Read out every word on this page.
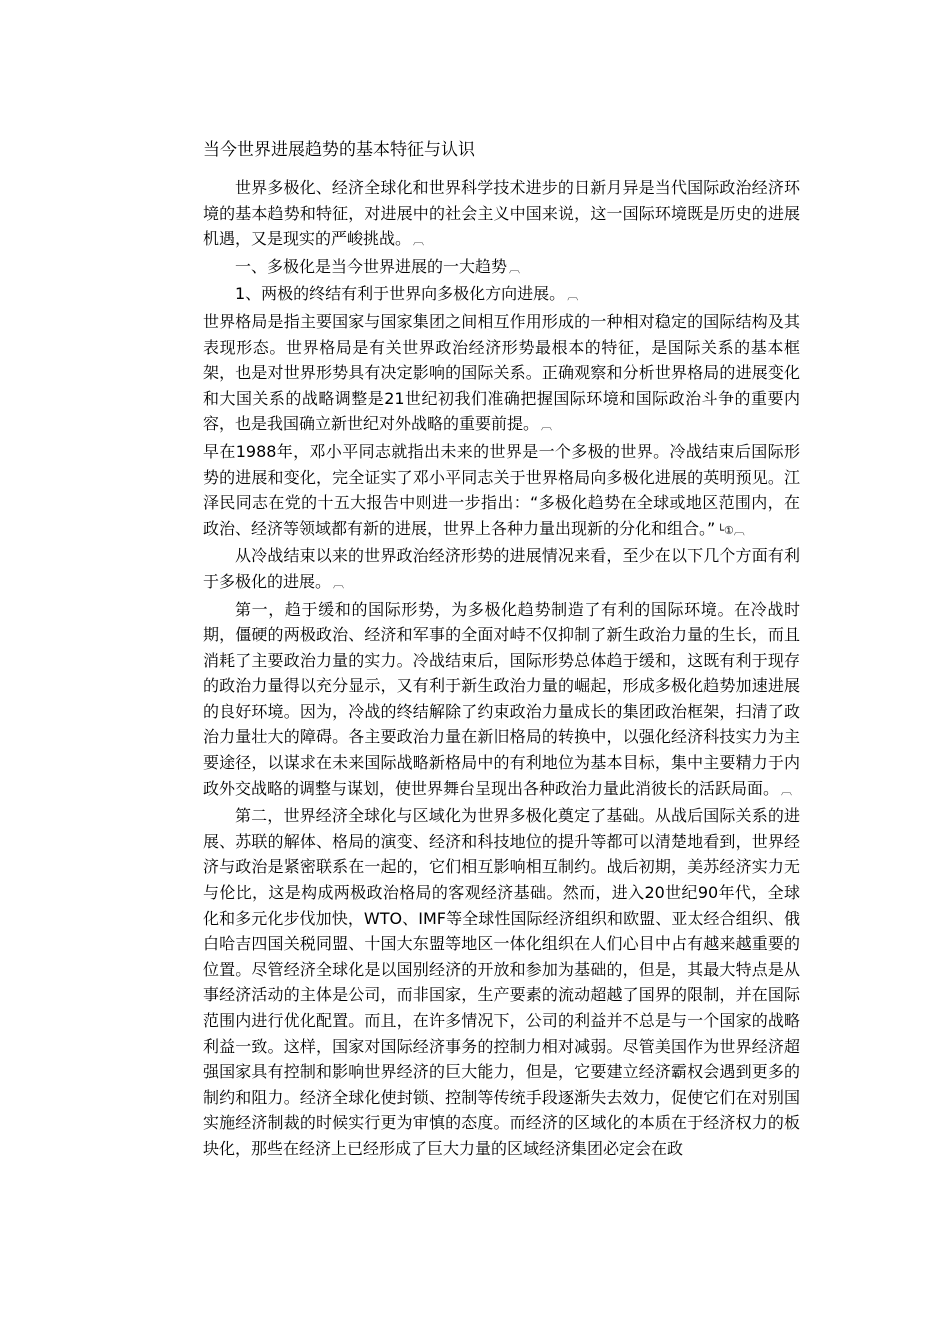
当今世界进展趋势的基本特征与认识

世界多极化、经济全球化和世界科学技术进步的日新月异是当代国际政治经济环境的基本趋势和特征，对进展中的社会主义中国来说，这一国际环境既是历史的进展机遇，又是现实的严峻挑战。 ︹

一、多极化是当今世界进展的一大趋势 ︹

1、两极的终结有利于世界向多极化方向进展。 ︹

世界格局是指主要国家与国家集团之间相互作用形成的一种相对稳定的国际结构及其表现形态。世界格局是有关世界政治经济形势最根本的特征，是国际关系的基本框架，也是对世界形势具有决定影响的国际关系。正确观察和分析世界格局的进展变化和大国关系的战略调整是21世纪初我们准确把握国际环境和国际政治斗争的重要内容，也是我国确立新世纪对外战略的重要前提。 ︹

早在1988年，邓小平同志就指出未来的世界是一个多极的世界。冷战结束后国际形势的进展和变化，完全证实了邓小平同志关于世界格局向多极化进展的英明预见。江泽民同志在党的十五大报告中则进一步指出：“多极化趋势在全球或地区范围内，在政治、经济等领域都有新的进展，世界上各种力量出现新的分化和组合。” └①︹

从冷战结束以来的世界政治经济形势的进展情况来看，至少在以下几个方面有利于多极化的进展。 ︹

第一，趋于缓和的国际形势，为多极化趋势制造了有利的国际环境。在冷战时期，僵硬的两极政治、经济和军事的全面对峙不仅抑制了新生政治力量的生长，而且消耗了主要政治力量的实力。冷战结束后，国际形势总体趋于缓和，这既有利于现存的政治力量得以充分显示，又有利于新生政治力量的崛起，形成多极化趋势加速进展的良好环境。因为，冷战的终结解除了约束政治力量成长的集团政治框架，扫清了政治力量壮大的障碍。各主要政治力量在新旧格局的转换中，以强化经济科技实力为主要途径，以谋求在未来国际战略新格局中的有利地位为基本目标，集中主要精力于内政外交战略的调整与谋划，使世界舞台呈现出各种政治力量此消彼长的活跃局面。 ︹

第二，世界经济全球化与区域化为世界多极化奠定了基础。从战后国际关系的进展、苏联的解体、格局的演变、经济和科技地位的提升等都可以清楚地看到，世界经济与政治是紧密联系在一起的，它们相互影响相互制约。战后初期，美苏经济实力无与伦比，这是构成两极政治格局的客观经济基础。然而，进入20世纪90年代，全球化和多元化步伐加快，WTO、IMF等全球性国际经济组织和欧盟、亚太经合组织、俄白哈吉四国关税同盟、十国大东盟等地区一体化组织在人们心目中占有越来越重要的位置。尽管经济全球化是以国别经济的开放和参加为基础的，但是，其最大特点是从事经济活动的主体是公司，而非国家，生产要素的流动超越了国界的限制，并在国际范围内进行优化配置。而且，在许多情况下，公司的利益并不总是与一个国家的战略利益一致。这样，国家对国际经济事务的控制力相对减弱。尽管美国作为世界经济超强国家具有控制和影响世界经济的巨大能力，但是，它要建立经济霸权会遇到更多的制约和阻力。经济全球化使封锁、控制等传统手段逐渐失去效力，促使它们在对别国实施经济制裁的时候实行更为审慎的态度。而经济的区域化的本质在于经济权力的板块化，那些在经济上已经形成了巨大力量的区域经济集团必定会在政
